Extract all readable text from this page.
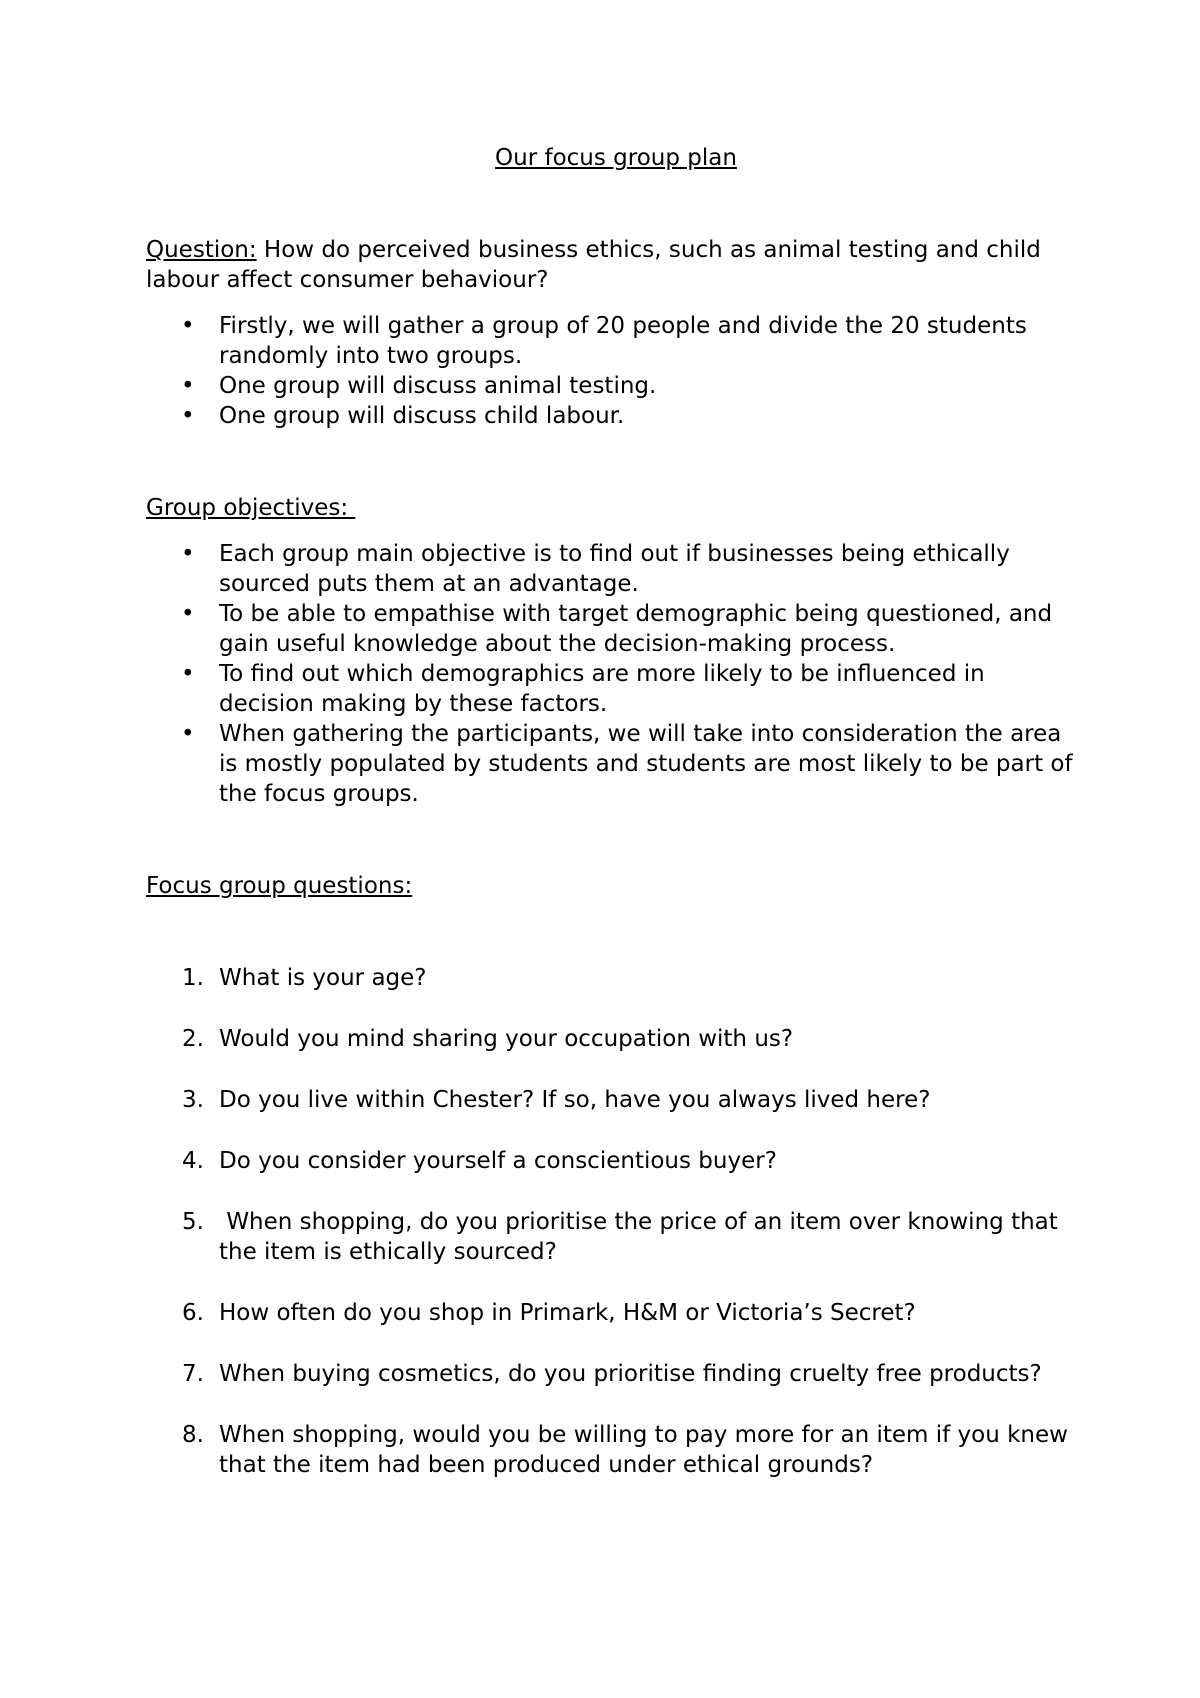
Our focus group plan

Question: How do perceived business ethics, such as animal testing and child labour affect consumer behaviour?

• Firstly, we will gather a group of 20 people and divide the 20 students randomly into two groups.
• One group will discuss animal testing.
• One group will discuss child labour.

Group objectives:

• Each group main objective is to find out if businesses being ethically sourced puts them at an advantage.
• To be able to empathise with target demographic being questioned, and gain useful knowledge about the decision-making process.
• To find out which demographics are more likely to be influenced in decision making by these factors.
• When gathering the participants, we will take into consideration the area is mostly populated by students and students are most likely to be part of the focus groups.

Focus group questions:

1. What is your age?
2. Would you mind sharing your occupation with us?
3. Do you live within Chester? If so, have you always lived here?
4. Do you consider yourself a conscientious buyer?
5. When shopping, do you prioritise the price of an item over knowing that the item is ethically sourced?
6. How often do you shop in Primark, H&M or Victoria’s Secret?
7. When buying cosmetics, do you prioritise finding cruelty free products?
8. When shopping, would you be willing to pay more for an item if you knew that the item had been produced under ethical grounds?
